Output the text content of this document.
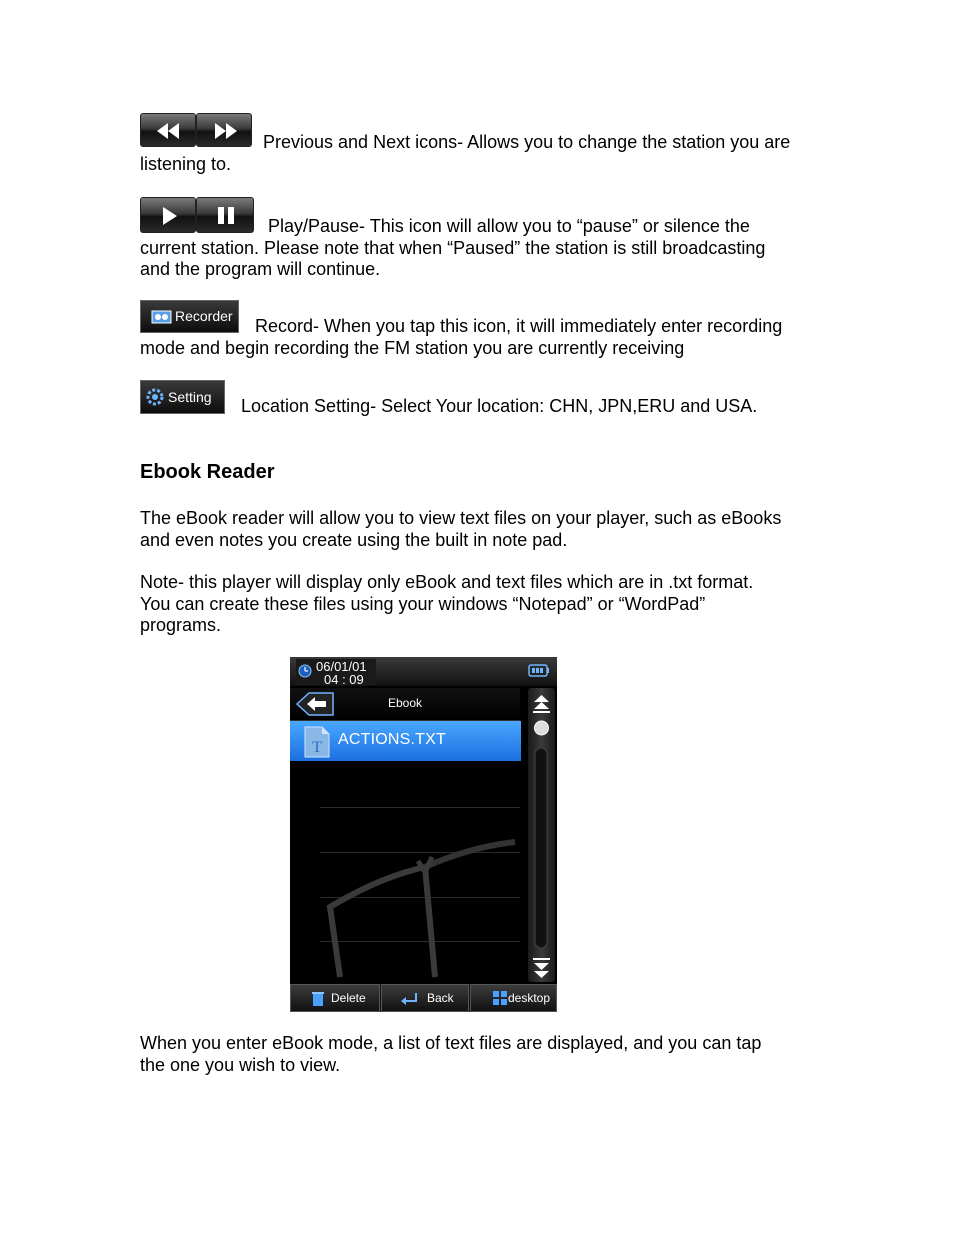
Previous and Next icons- Allows you to change the station you are
listening to.
Play/Pause- This icon will allow you to “pause” or silence the
current station. Please note that when “Paused” the station is still broadcasting
and the program will continue.
Recorder	Record- When you tap this icon, it will immediately enter recording
mode and begin recording the FM station you are currently receiving
Setting Location Setting- Select Your location: CHN, JPN,ERU and USA.
Ebook Reader
The eBook reader will allow you to view text files on your player, such as eBooks
and even notes you create using the built in note pad.
Note- this player will display only eBook and text files which are in .txt format.
You can create these files using your windows “Notepad” or “WordPad”
programs.
06/01/01
04 : 09
Ebook
T ACTIONS.TXT
Delete	Back	desktop
When you enter eBook mode, a list of text files are displayed, and you can tap
the one you wish to view.
